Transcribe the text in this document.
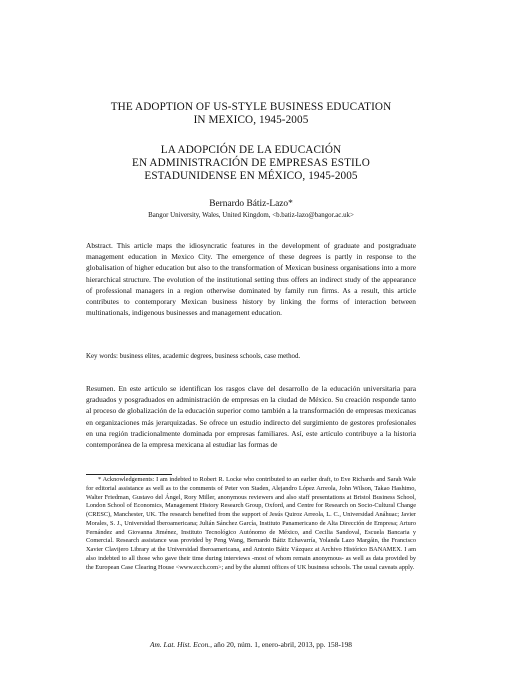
THE ADOPTION OF US-STYLE BUSINESS EDUCATION
IN MEXICO, 1945-2005
LA ADOPCIÓN DE LA EDUCACIÓN
EN ADMINISTRACIÓN DE EMPRESAS ESTILO
ESTADUNIDENSE EN MÉXICO, 1945-2005
Bernardo Bátiz-Lazo*
Bangor University, Wales, United Kingdom, <b.batiz-lazo@bangor.ac.uk>
Abstract. This article maps the idiosyncratic features in the development of graduate and postgraduate management education in Mexico City. The emergence of these degrees is partly in response to the globalisation of higher education but also to the transformation of Mexican business organisations into a more hierarchical structure. The evolution of the institutional setting thus offers an indirect study of the appearance of professional managers in a region otherwise dominated by family run firms. As a result, this article contributes to contemporary Mexican business history by linking the forms of interaction between multinationals, indigenous businesses and management education.
Key words: business elites, academic degrees, business schools, case method.
Resumen. En este artículo se identifican los rasgos clave del desarrollo de la educación universitaria para graduados y posgraduados en administración de empresas en la ciudad de México. Su creación responde tanto al proceso de globalización de la educación superior como también a la transformación de empresas mexicanas en organizaciones más jerarquizadas. Se ofrece un estudio indirecto del surgimiento de gestores profesionales en una región tradicionalmente dominada por empresas familiares. Así, este artículo contribuye a la historia contemporánea de la empresa mexicana al estudiar las formas de
* Acknowledgements: I am indebted to Robert R. Locke who contributed to an earlier draft, to Eve Richards and Sarah Wale for editorial assistance as well as to the comments of Peter von Staden, Alejandro López Arreola, John Wilson, Takao Hashimo, Walter Friedman, Gustavo del Ángel, Rory Miller, anonymous reviewers and also staff presentations at Bristol Business School, London School of Economics, Management History Research Group, Oxford, and Centre for Research on Socio-Cultural Change (CRESC), Manchester, UK. The research benefited from the support of Jesús Quiroz Arreola, L. C., Universidad Anáhuac; Javier Morales, S. J., Universidad Iberoamericana; Julián Sánchez García, Instituto Panamericano de Alta Dirección de Empresa; Arturo Fernández and Giovanna Jiménez, Instituto Tecnológico Autónomo de México, and Cecilia Sandoval, Escuela Bancaria y Comercial. Research assistance was provided by Peng Wang, Bernardo Bátiz Echavarría, Yolanda Lazo Margáin, the Francisco Xavier Clavijero Library at the Universidad Iberoamericana, and Antonio Bátiz Vázquez at Archivo Histórico BANAMEX. I am also indebted to all those who gave their time during interviews -most of whom remain anonymous- as well as data provided by the European Case Clearing House <www.ecch.com>; and by the alumni offices of UK business schools. The usual caveats apply.
Am. Lat. Hist. Econ., año 20, núm. 1, enero-abril, 2013, pp. 158-198
